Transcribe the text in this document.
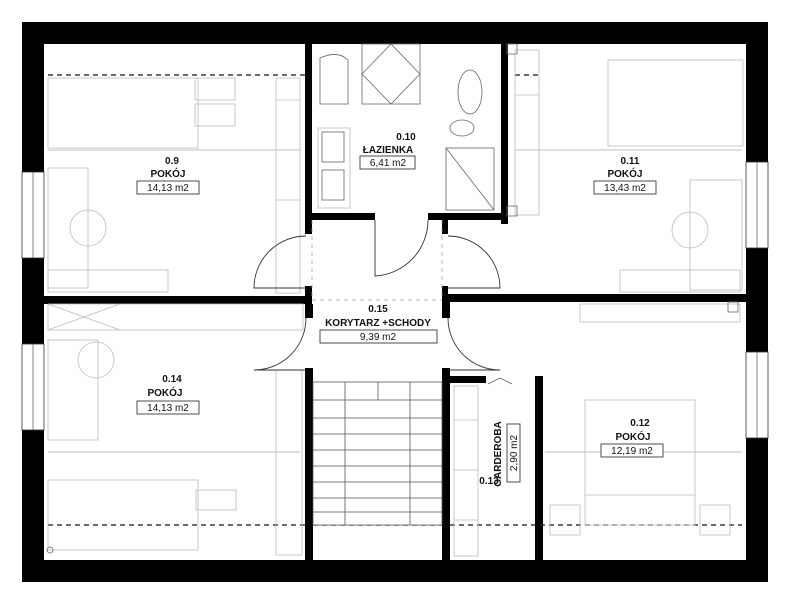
0.9
POKÓJ
14,13 m2
0.10
ŁAZIENKA
6,41 m2	0.11
POKÓJ
13,43 m2
0.15
KORYTARZ +SCHODY
9,39 m2
0.14
POKÓJ
14,13 m2
0.12
POKÓJ
12,19 m2
0.13
GARDEROBA 2,90 m2
